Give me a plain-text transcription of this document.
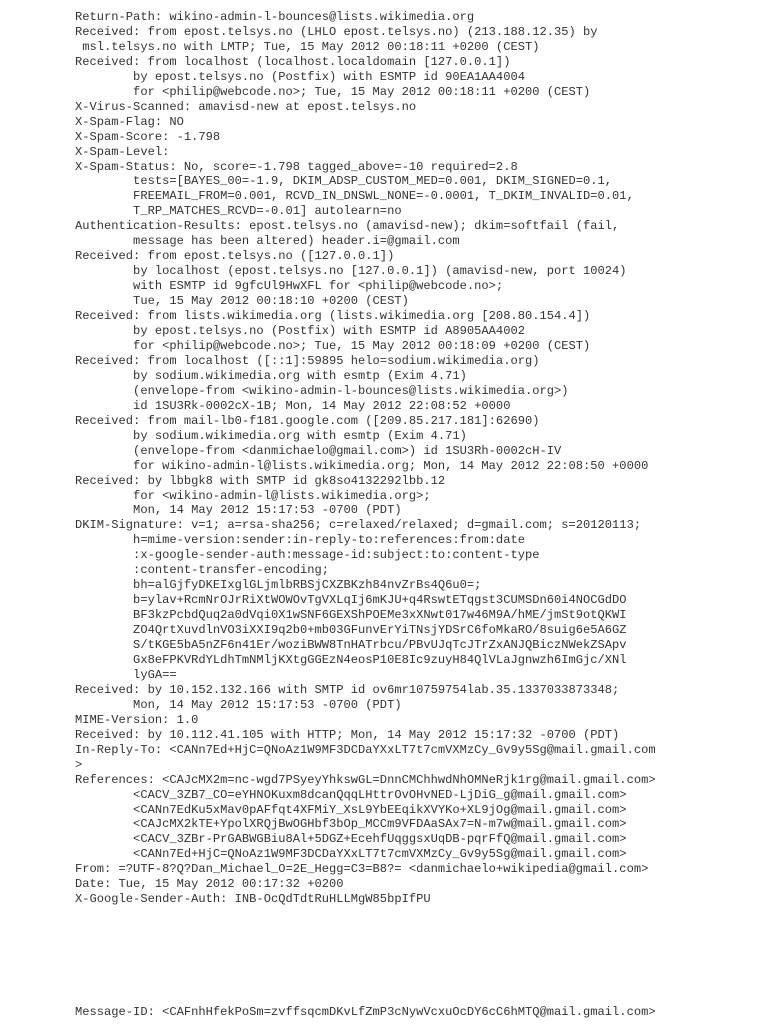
Return-Path: wikino-admin-l-bounces@lists.wikimedia.org
Received: from epost.telsys.no (LHLO epost.telsys.no) (213.188.12.35) by
msl.telsys.no with LMTP; Tue, 15 May 2012 00:18:11 +0200 (CEST)
Received: from localhost (localhost.localdomain [127.0.0.1])
by epost.telsys.no (Postfix) with ESMTP id 90EA1AA4004
for <philip@webcode.no>; Tue, 15 May 2012 00:18:11 +0200 (CEST)
X-Virus-Scanned: amavisd-new at epost.telsys.no
X-Spam-Flag: NO
X-Spam-Score: -1.798
X-Spam-Level:
X-Spam-Status: No, score=-1.798 tagged_above=-10 required=2.8
tests=[BAYES_00=-1.9, DKIM_ADSP_CUSTOM_MED=0.001, DKIM_SIGNED=0.1,
FREEMAIL_FROM=0.001, RCVD_IN_DNSWL_NONE=-0.0001, T_DKIM_INVALID=0.01,
T_RP_MATCHES_RCVD=-0.01] autolearn=no
Authentication-Results: epost.telsys.no (amavisd-new); dkim=softfail (fail,
message has been altered) header.i=@gmail.com
Received: from epost.telsys.no ([127.0.0.1])
by localhost (epost.telsys.no [127.0.0.1]) (amavisd-new, port 10024)
with ESMTP id 9gfcUl9HwXFL for <philip@webcode.no>;
Tue, 15 May 2012 00:18:10 +0200 (CEST)
Received: from lists.wikimedia.org (lists.wikimedia.org [208.80.154.4])
by epost.telsys.no (Postfix) with ESMTP id A8905AA4002
for <philip@webcode.no>; Tue, 15 May 2012 00:18:09 +0200 (CEST)
Received: from localhost ([::1]:59895 helo=sodium.wikimedia.org)
by sodium.wikimedia.org with esmtp (Exim 4.71)
(envelope-from <wikino-admin-l-bounces@lists.wikimedia.org>)
id 1SU3Rk-0002cX-1B; Mon, 14 May 2012 22:08:52 +0000
Received: from mail-lb0-f181.google.com ([209.85.217.181]:62690)
by sodium.wikimedia.org with esmtp (Exim 4.71)
(envelope-from <danmichaelo@gmail.com>) id 1SU3Rh-0002cH-IV
for wikino-admin-l@lists.wikimedia.org; Mon, 14 May 2012 22:08:50 +0000
Received: by lbbgk8 with SMTP id gk8so4132292lbb.12
for <wikino-admin-l@lists.wikimedia.org>;
Mon, 14 May 2012 15:17:53 -0700 (PDT)
DKIM-Signature: v=1; a=rsa-sha256; c=relaxed/relaxed; d=gmail.com; s=20120113;
h=mime-version:sender:in-reply-to:references:from:date
:x-google-sender-auth:message-id:subject:to:content-type
:content-transfer-encoding;
bh=alGjfyDKEIxglGLjmlbRBSjCXZBKzh84nvZrBs4Q6u0=;
b=ylav+RcmNrOJrRiXtWOWOvTgVXLqIj6mKJU+q4RswtETqgst3CUMSDn60i4NOCGdDO
BF3kzPcbdQuq2a0dVqi0X1wSNF6GEXShPOEMe3xXNwt017w46M9A/hME/jmSt9otQKWI
ZO4QrtXuvdlnVO3iXXI9q2b0+mb03GFunvErYiTNsjYDSrC6foMkaRO/8suig6e5A6GZ
S/tKGE5bA5nZF6n41Er/woziBWW8TnHATrbcu/PBvUJqTcJTrZxANJQBiczNWekZSApv
Gx8eFPKVRdYLdhTmNMljKXtgGGEzN4eosP10E8Ic9zuyH84QlVLaJgnwzh6ImGjc/XNl
lyGA==
Received: by 10.152.132.166 with SMTP id ov6mr10759754lab.35.1337033873348;
Mon, 14 May 2012 15:17:53 -0700 (PDT)
MIME-Version: 1.0
Received: by 10.112.41.105 with HTTP; Mon, 14 May 2012 15:17:32 -0700 (PDT)
In-Reply-To: <CANn7Ed+HjC=QNoAz1W9MF3DCDaYXxLT7t7cmVXMzCy_Gv9y5Sg@mail.gmail.com
>
References: <CAJcMX2m=nc-wgd7PSyeyYhkswGL=DnnCMChhwdNhOMNeRjk1rg@mail.gmail.com>
<CACV_3ZB7_CO=eYHNOKuxm8dcanQqqLHttrOvOHvNED-LjDiG_g@mail.gmail.com>
<CANn7EdKu5xMav0pAFfqt4XFMiY_XsL9YbEEqikXVYKo+XL9jOg@mail.gmail.com>
<CAJcMX2kTE+YpolXRQjBwOGHbf3bOp_MCCm9VFDAaSAx7=N-m7w@mail.gmail.com>
<CACV_3ZBr-PrGABWGBiu8Al+5DGZ+EcehfUqggsxUqDB-pqrFfQ@mail.gmail.com>
<CANn7Ed+HjC=QNoAz1W9MF3DCDaYXxLT7t7cmVXMzCy_Gv9y5Sg@mail.gmail.com>
From: =?UTF-8?Q?Dan_Michael_O=2E_Hegg=C3=B8?= <danmichaelo+wikipedia@gmail.com>
Date: Tue, 15 May 2012 00:17:32 +0200
X-Google-Sender-Auth: INB-OcQdTdtRuHLLMgW85bpIfPU
Message-ID: <CAFnhHfekPoSm=zvffsqcmDKvLfZmP3cNywVcxuOcDY6cC6hMTQ@mail.gmail.com>
